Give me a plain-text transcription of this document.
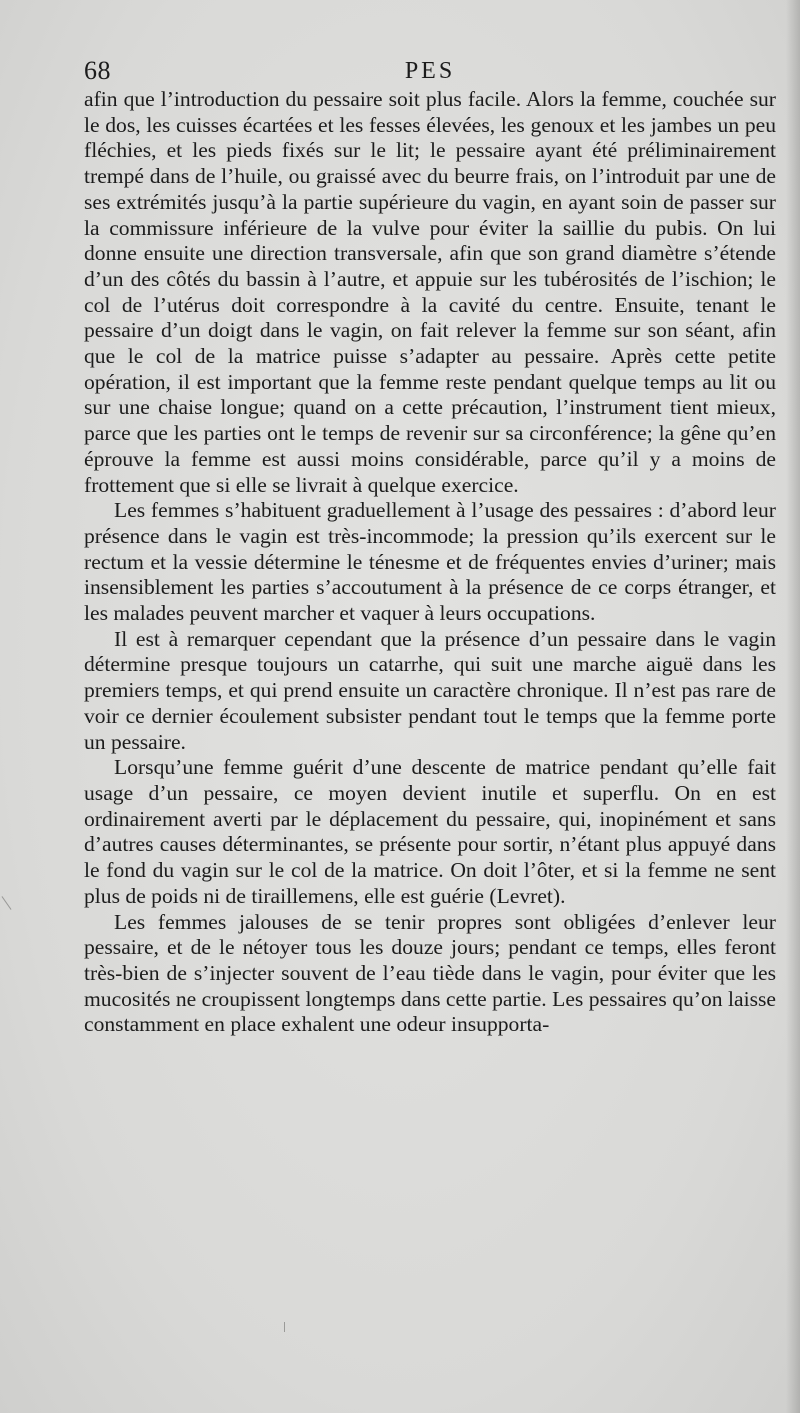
68	PES

afin que l’introduction du pessaire soit plus facile. Alors la femme, couchée sur le dos, les cuisses écartées et les fesses élevées, les genoux et les jambes un peu fléchies, et les pieds fixés sur le lit; le pessaire ayant été préliminairement trempé dans de l’huile, ou graissé avec du beurre frais, on l’introduit par une de ses extrémités jusqu’à la partie supérieure du vagin, en ayant soin de passer sur la commissure inférieure de la vulve pour éviter la saillie du pubis. On lui donne ensuite une direction transversale, afin que son grand diamètre s’étende d’un des côtés du bassin à l’autre, et appuie sur les tubérosités de l’ischion; le col de l’utérus doit correspondre à la cavité du centre. Ensuite, tenant le pessaire d’un doigt dans le vagin, on fait relever la femme sur son séant, afin que le col de la matrice puisse s’adapter au pessaire. Après cette petite opération, il est important que la femme reste pendant quelque temps au lit ou sur une chaise longue; quand on a cette précaution, l’instrument tient mieux, parce que les parties ont le temps de revenir sur sa circonférence; la gêne qu’en éprouve la femme est aussi moins considérable, parce qu’il y a moins de frottement que si elle se livrait à quelque exercice.

Les femmes s’habituent graduellement à l’usage des pessaires : d’abord leur présence dans le vagin est très-incommode; la pression qu’ils exercent sur le rectum et la vessie détermine le ténesme et de fréquentes envies d’uriner; mais insensiblement les parties s’accoutument à la présence de ce corps étranger, et les malades peuvent marcher et vaquer à leurs occupations.

Il est à remarquer cependant que la présence d’un pessaire dans le vagin détermine presque toujours un catarrhe, qui suit une marche aiguë dans les premiers temps, et qui prend ensuite un caractère chronique. Il n’est pas rare de voir ce dernier écoulement subsister pendant tout le temps que la femme porte un pessaire.

Lorsqu’une femme guérit d’une descente de matrice pendant qu’elle fait usage d’un pessaire, ce moyen devient inutile et superflu. On en est ordinairement averti par le déplacement du pessaire, qui, inopinément et sans d’autres causes déterminantes, se présente pour sortir, n’étant plus appuyé dans le fond du vagin sur le col de la matrice. On doit l’ôter, et si la femme ne sent plus de poids ni de tiraillemens, elle est guérie (Levret).

Les femmes jalouses de se tenir propres sont obligées d’enlever leur pessaire, et de le nétoyer tous les douze jours; pendant ce temps, elles feront très-bien de s’injecter souvent de l’eau tiède dans le vagin, pour éviter que les mucosités ne croupissent longtemps dans cette partie. Les pessaires qu’on laisse constamment en place exhalent une odeur insupporta-
